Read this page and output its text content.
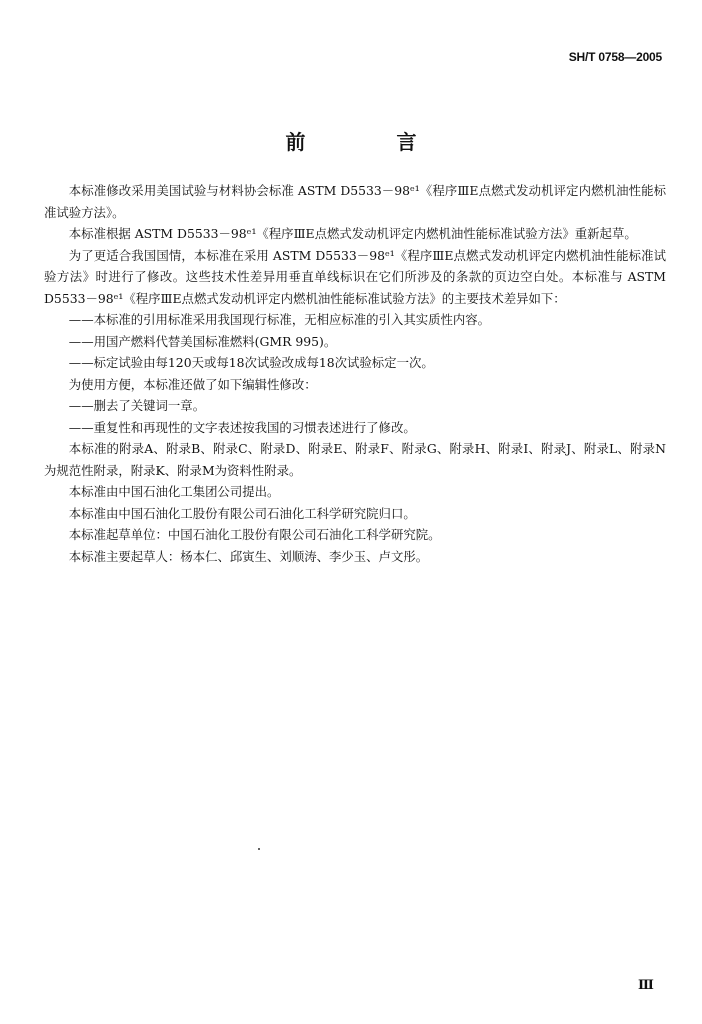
SH/T 0758—2005
前 言

本标准修改采用美国试验与材料协会标准 ASTM D5533－98ᵉ¹《程序ⅢE点燃式发动机评定内燃机油性能标准试验方法》。

本标准根据 ASTM D5533－98ᵉ¹《程序ⅢE点燃式发动机评定内燃机油性能标准试验方法》重新起草。

为了更适合我国国情，本标准在采用 ASTM D5533－98ᵉ¹《程序ⅢE点燃式发动机评定内燃机油性能标准试验方法》时进行了修改。这些技术性差异用垂直单线标识在它们所涉及的条款的页边空白处。本标准与 ASTM D5533－98ᵉ¹《程序ⅢE点燃式发动机评定内燃机油性能标准试验方法》的主要技术差异如下：

——本标准的引用标准采用我国现行标准，无相应标准的引入其实质性内容。

——用国产燃料代替美国标准燃料(GMR 995)。

——标定试验由每120天或每18次试验改成每18次试验标定一次。

为使用方便，本标准还做了如下编辑性修改：

——删去了关键词一章。

——重复性和再现性的文字表述按我国的习惯表述进行了修改。

本标准的附录A、附录B、附录C、附录D、附录E、附录F、附录G、附录H、附录I、附录J、附录L、附录N为规范性附录，附录K、附录M为资料性附录。

本标准由中国石油化工集团公司提出。

本标准由中国石油化工股份有限公司石油化工科学研究院归口。

本标准起草单位：中国石油化工股份有限公司石油化工科学研究院。

本标准主要起草人：杨本仁、邱寅生、刘顺涛、李少玉、卢文彤。

Ⅲ
